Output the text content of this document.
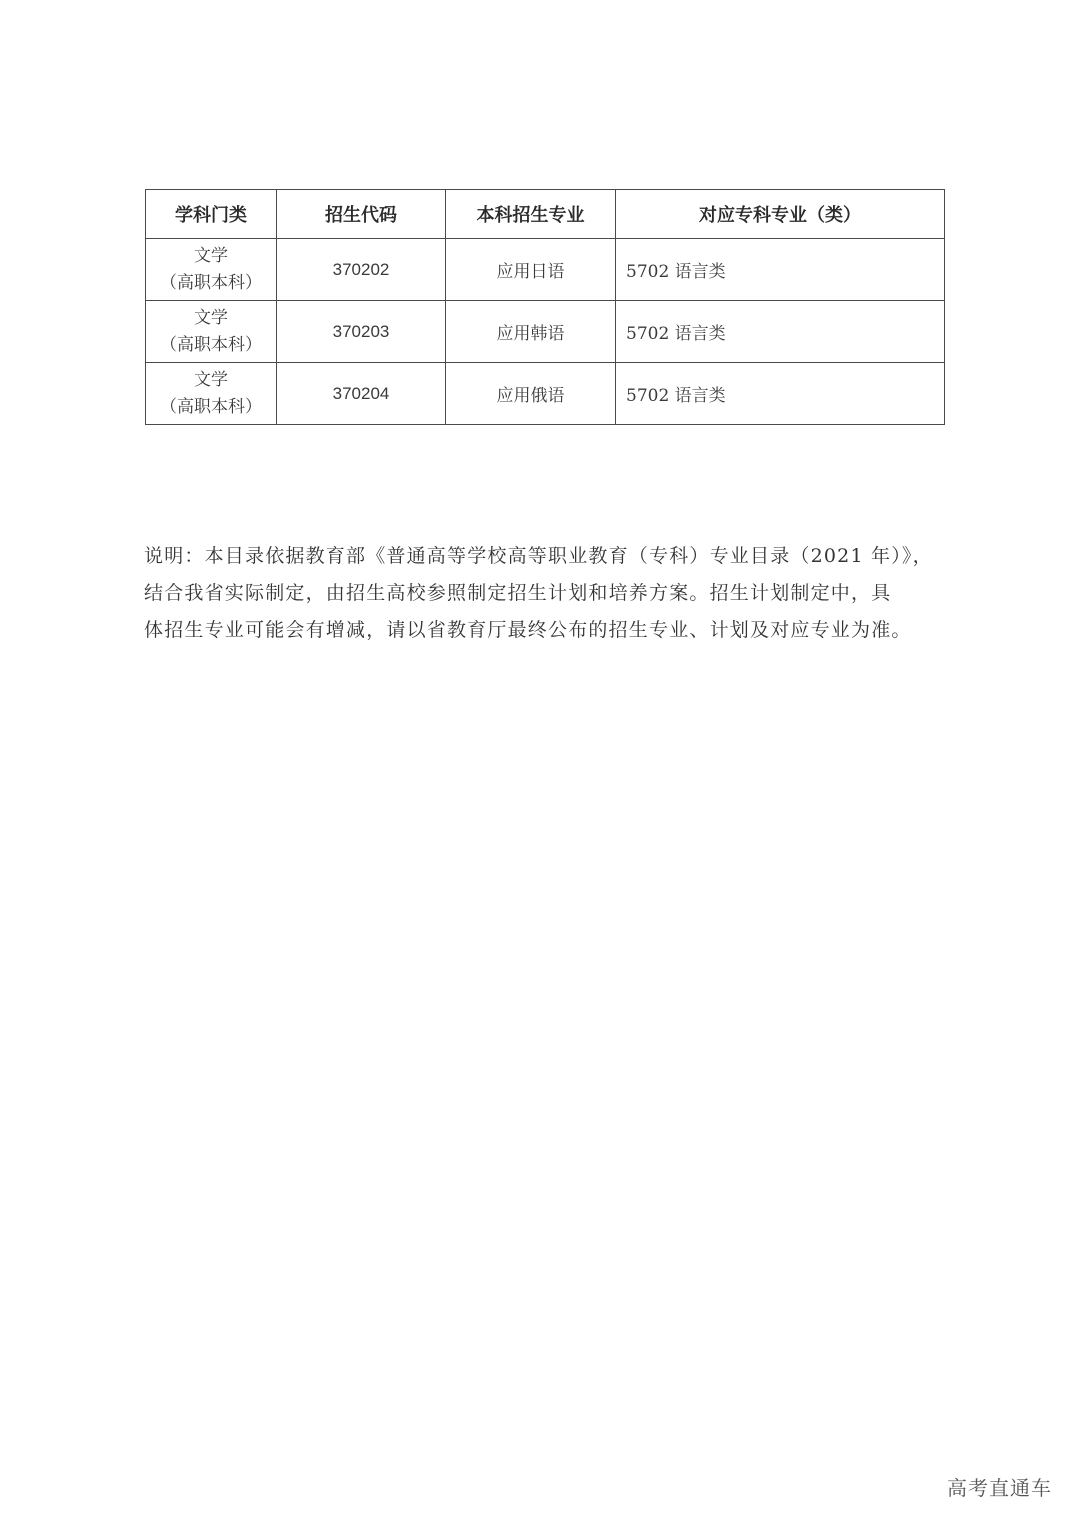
学科门类	招生代码	本科招生专业	对应专科专业（类）

文学
（高职本科）	370202	应用日语	5702 语言类

文学
（高职本科）	370203	应用韩语	5702 语言类

文学
（高职本科）	370204	应用俄语	5702 语言类

说明：本目录依据教育部《普通高等学校高等职业教育（专科）专业目录（2021 年）》，

结合我省实际制定，由招生高校参照制定招生计划和培养方案。招生计划制定中，具

体招生专业可能会有增减，请以省教育厅最终公布的招生专业、计划及对应专业为准。

高考直通车
